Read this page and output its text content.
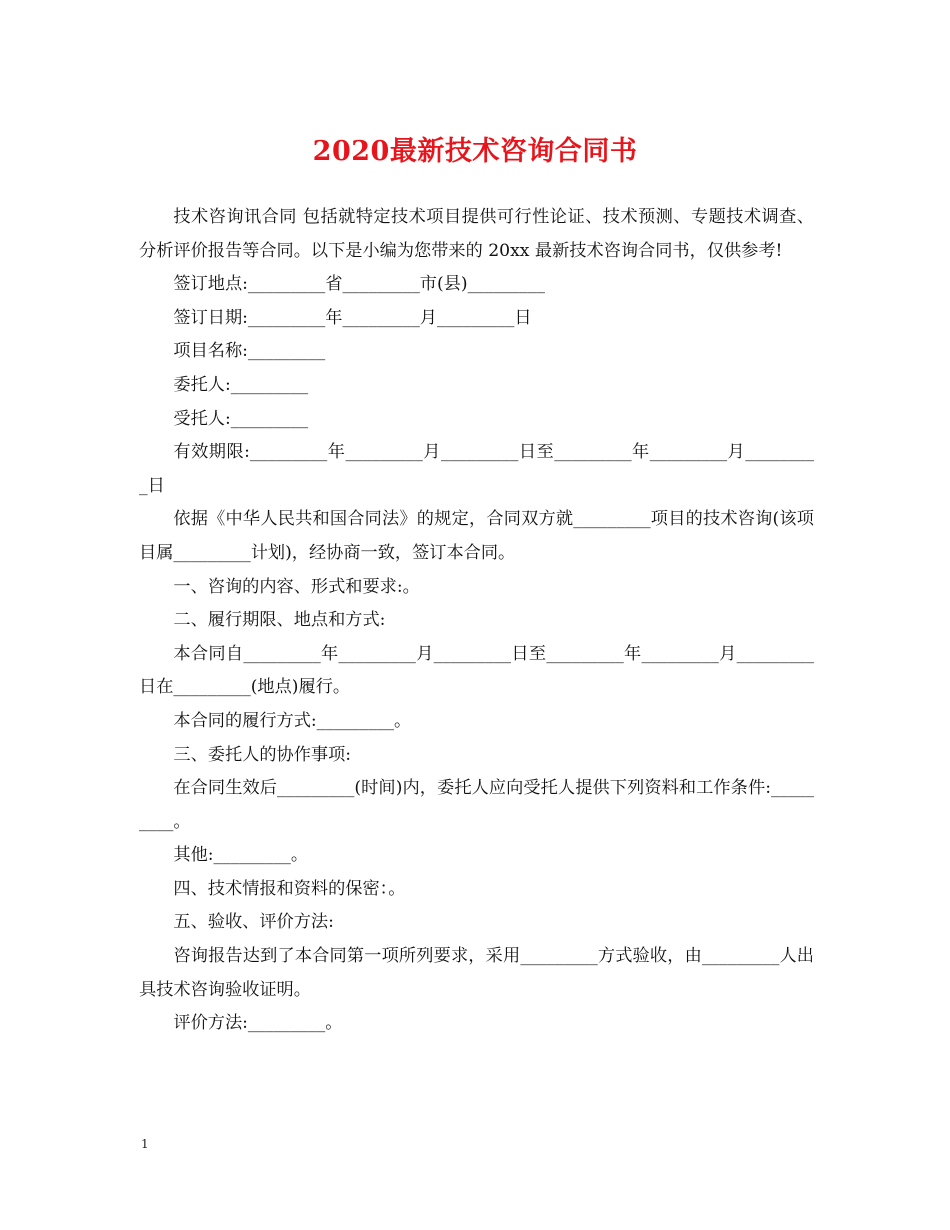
2020最新技术咨询合同书

技术咨询讯合同 包括就特定技术项目提供可行性论证、技术预测、专题技术调查、分析评价报告等合同。以下是小编为您带来的 20xx 最新技术咨询合同书，仅供参考!

签订地点:_________省_________市(县)_________

签订日期:_________年_________月_________日

项目名称:_________

委托人:_________

受托人:_________

有效期限:_________年_________月_________日至_________年_________月_________日

依据《中华人民共和国合同法》的规定，合同双方就_________项目的技术咨询(该项目属_________计划)，经协商一致，签订本合同。

一、咨询的内容、形式和要求:。

二、履行期限、地点和方式:

本合同自_________年_________月_________日至_________年_________月_________日在_________(地点)履行。

本合同的履行方式:_________。

三、委托人的协作事项:

在合同生效后_________(时间)内，委托人应向受托人提供下列资料和工作条件:_________。

其他:_________。

四、技术情报和资料的保密：。

五、验收、评价方法:

咨询报告达到了本合同第一项所列要求，采用_________方式验收，由_________人出具技术咨询验收证明。

评价方法:_________。

1
